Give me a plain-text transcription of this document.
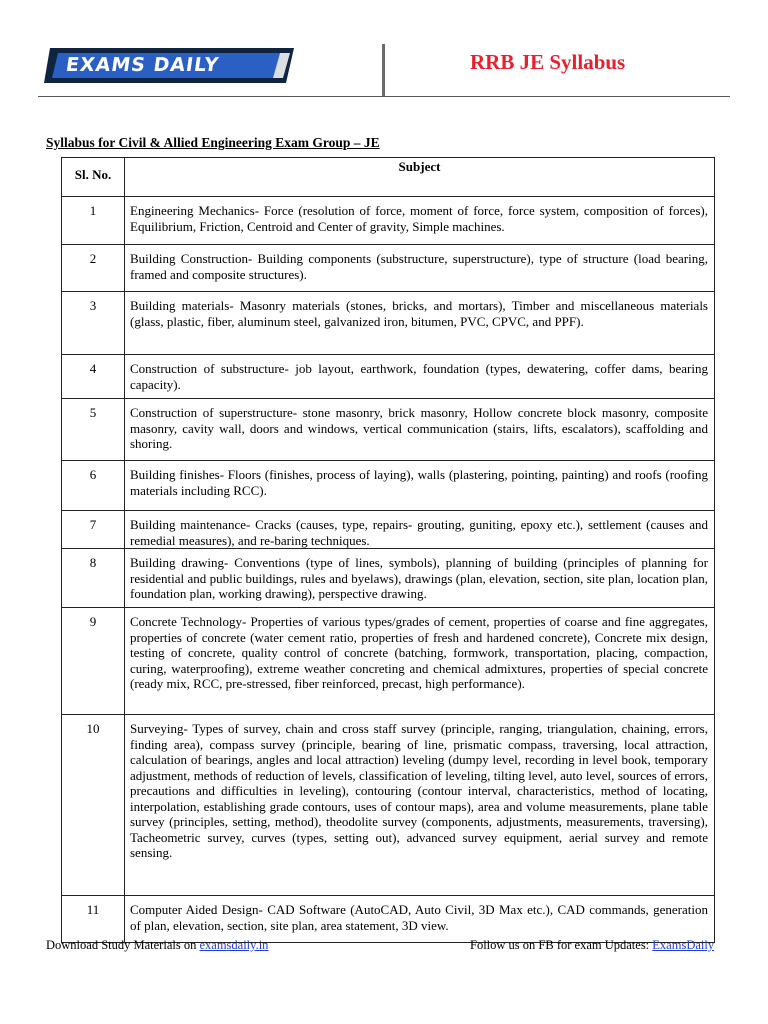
EXAMS DAILY	RRB JE Syllabus
Syllabus for Civil & Allied Engineering Exam Group – JE
Sl. No.	Subject
1	Engineering Mechanics- Force (resolution of force, moment of force, force system, composition of forces), Equilibrium, Friction, Centroid and Center of gravity, Simple machines.
2	Building Construction- Building components (substructure, superstructure), type of structure (load bearing, framed and composite structures).
3	Building materials- Masonry materials (stones, bricks, and mortars), Timber and miscellaneous materials (glass, plastic, fiber, aluminum steel, galvanized iron, bitumen, PVC, CPVC, and PPF).
4	Construction of substructure- job layout, earthwork, foundation (types, dewatering, coffer dams, bearing capacity).
5	Construction of superstructure- stone masonry, brick masonry, Hollow concrete block masonry, composite masonry, cavity wall, doors and windows, vertical communication (stairs, lifts, escalators), scaffolding and shoring.
6	Building finishes- Floors (finishes, process of laying), walls (plastering, pointing, painting) and roofs (roofing materials including RCC).
7	Building maintenance- Cracks (causes, type, repairs- grouting, guniting, epoxy etc.), settlement (causes and remedial measures), and re-baring techniques.
8	Building drawing- Conventions (type of lines, symbols), planning of building (principles of planning for residential and public buildings, rules and byelaws), drawings (plan, elevation, section, site plan, location plan, foundation plan, working drawing), perspective drawing.
9	Concrete Technology- Properties of various types/grades of cement, properties of coarse and fine aggregates, properties of concrete (water cement ratio, properties of fresh and hardened concrete), Concrete mix design, testing of concrete, quality control of concrete (batching, formwork, transportation, placing, compaction, curing, waterproofing), extreme weather concreting and chemical admixtures, properties of special concrete (ready mix, RCC, pre-stressed, fiber reinforced, precast, high performance).
10	Surveying- Types of survey, chain and cross staff survey (principle, ranging, triangulation, chaining, errors, finding area), compass survey (principle, bearing of line, prismatic compass, traversing, local attraction, calculation of bearings, angles and local attraction) leveling (dumpy level, recording in level book, temporary adjustment, methods of reduction of levels, classification of leveling, tilting level, auto level, sources of errors, precautions and difficulties in leveling), contouring (contour interval, characteristics, method of locating, interpolation, establishing grade contours, uses of contour maps), area and volume measurements, plane table survey (principles, setting, method), theodolite survey (components, adjustments, measurements, traversing), Tacheometric survey, curves (types, setting out), advanced survey equipment, aerial survey and remote sensing.
11	Computer Aided Design- CAD Software (AutoCAD, Auto Civil, 3D Max etc.), CAD commands, generation of plan, elevation, section, site plan, area statement, 3D view.
Download Study Materials on examsdaily.in	Follow us on FB for exam Updates: ExamsDaily
